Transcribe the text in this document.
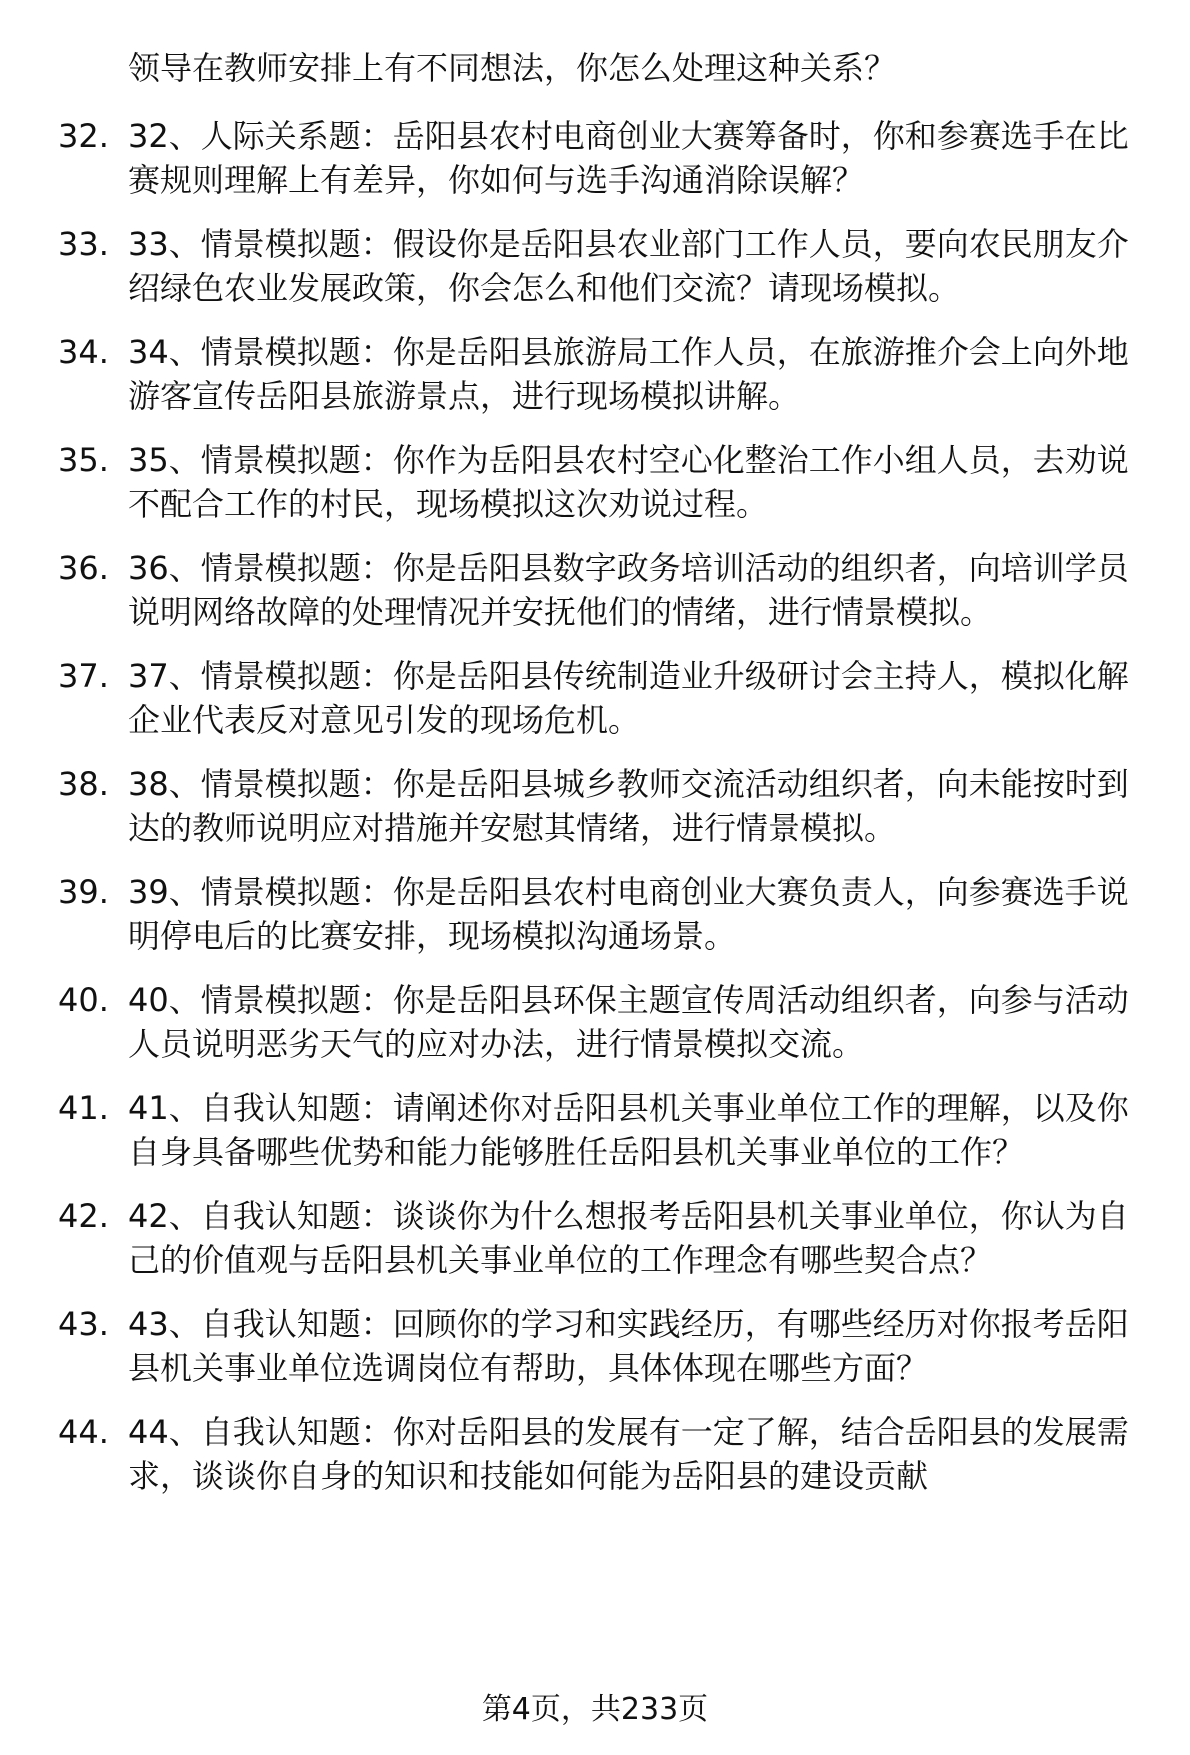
领导在教师安排上有不同想法，你怎么处理这种关系？
32. 32、人际关系题：岳阳县农村电商创业大赛筹备时，你和参赛选手在比赛规则理解上有差异，你如何与选手沟通消除误解？
33. 33、情景模拟题：假设你是岳阳县农业部门工作人员，要向农民朋友介绍绿色农业发展政策，你会怎么和他们交流？请现场模拟。
34. 34、情景模拟题：你是岳阳县旅游局工作人员，在旅游推介会上向外地游客宣传岳阳县旅游景点，进行现场模拟讲解。
35. 35、情景模拟题：你作为岳阳县农村空心化整治工作小组人员，去劝说不配合工作的村民，现场模拟这次劝说过程。
36. 36、情景模拟题：你是岳阳县数字政务培训活动的组织者，向培训学员说明网络故障的处理情况并安抚他们的情绪，进行情景模拟。
37. 37、情景模拟题：你是岳阳县传统制造业升级研讨会主持人，模拟化解企业代表反对意见引发的现场危机。
38. 38、情景模拟题：你是岳阳县城乡教师交流活动组织者，向未能按时到达的教师说明应对措施并安慰其情绪，进行情景模拟。
39. 39、情景模拟题：你是岳阳县农村电商创业大赛负责人，向参赛选手说明停电后的比赛安排，现场模拟沟通场景。
40. 40、情景模拟题：你是岳阳县环保主题宣传周活动组织者，向参与活动人员说明恶劣天气的应对办法，进行情景模拟交流。
41. 41、自我认知题：请阐述你对岳阳县机关事业单位工作的理解，以及你自身具备哪些优势和能力能够胜任岳阳县机关事业单位的工作？
42. 42、自我认知题：谈谈你为什么想报考岳阳县机关事业单位，你认为自己的价值观与岳阳县机关事业单位的工作理念有哪些契合点？
43. 43、自我认知题：回顾你的学习和实践经历，有哪些经历对你报考岳阳县机关事业单位选调岗位有帮助，具体体现在哪些方面？
44. 44、自我认知题：你对岳阳县的发展有一定了解，结合岳阳县的发展需求，谈谈你自身的知识和技能如何能为岳阳县的建设贡献
第4页，共233页
